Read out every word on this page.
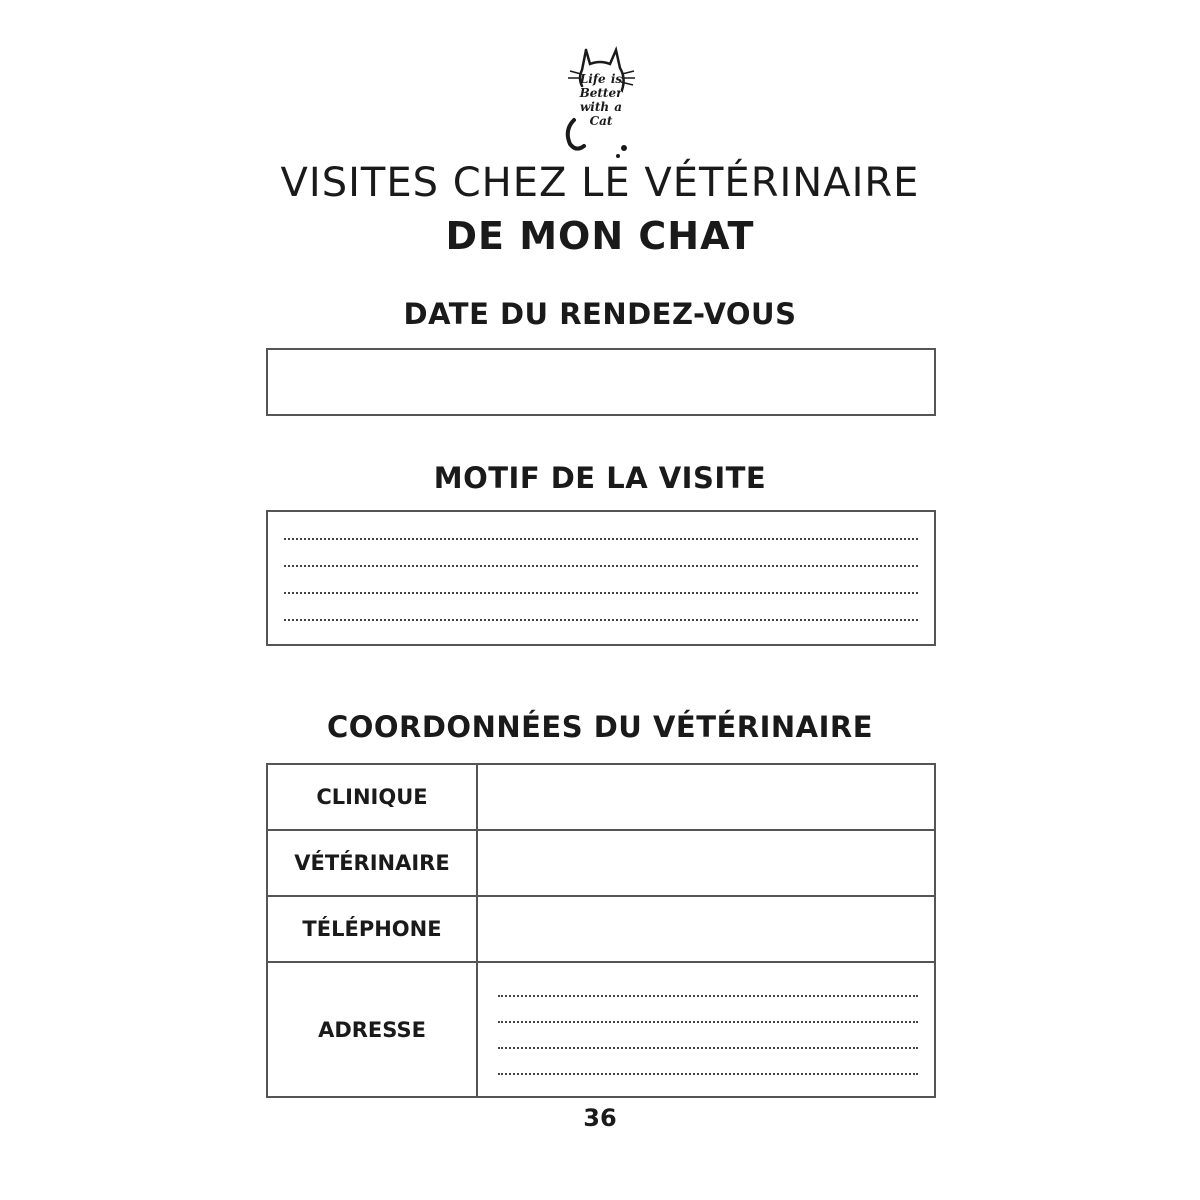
Life is Better with a Cat
VISITES CHEZ LE VÉTÉRINAIRE
DE MON CHAT
DATE DU RENDEZ-VOUS
MOTIF DE LA VISITE
COORDONNÉES DU VÉTÉRINAIRE
CLINIQUE	
VÉTÉRINAIRE	
TÉLÉPHONE	
ADRESSE	
36
